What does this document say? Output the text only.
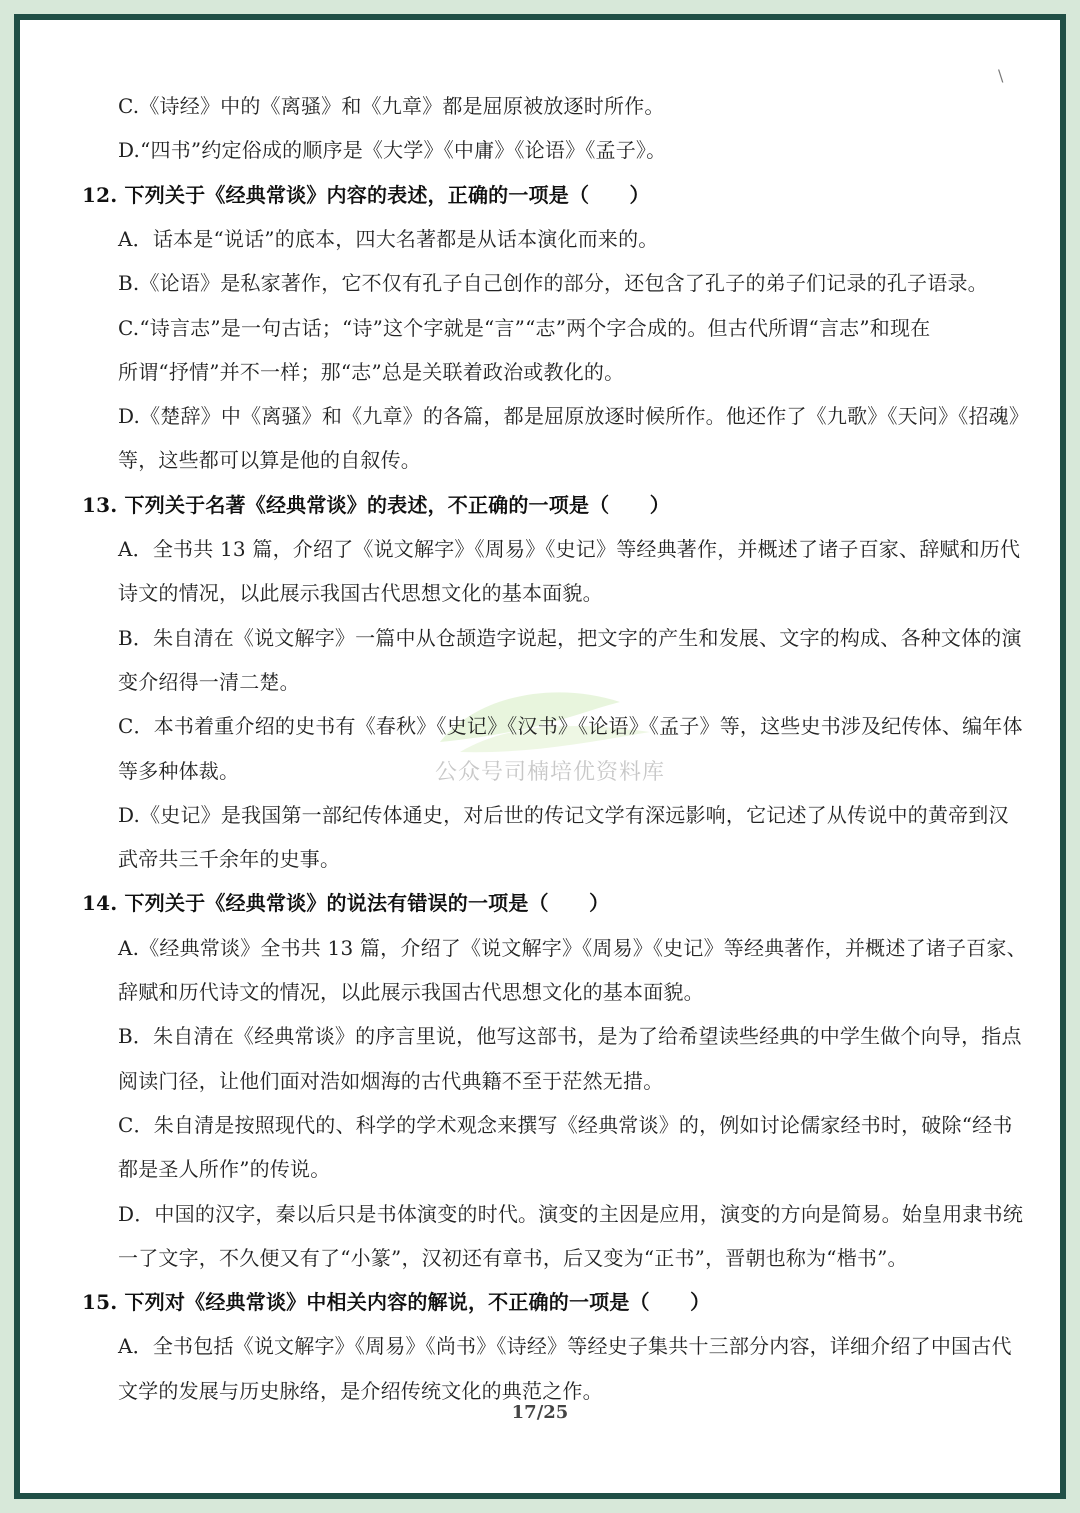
\
公众号司楠培优资料库
17/25
C.《诗经》中的《离骚》和《九章》都是屈原被放逐时所作。
D.“四书”约定俗成的顺序是《大学》《中庸》《论语》《孟子》。
12. 下列关于《经典常谈》内容的表述，正确的一项是（　　）
A．话本是“说话”的底本，四大名著都是从话本演化而来的。
B.《论语》是私家著作，它不仅有孔子自己创作的部分，还包含了孔子的弟子们记录的孔子语录。
C.“诗言志”是一句古话；“诗”这个字就是“言”“志”两个字合成的。但古代所谓“言志”和现在
所谓“抒情”并不一样；那“志”总是关联着政治或教化的。
D.《楚辞》中《离骚》和《九章》的各篇，都是屈原放逐时候所作。他还作了《九歌》《天问》《招魂》
等，这些都可以算是他的自叙传。
13. 下列关于名著《经典常谈》的表述，不正确的一项是（　　）
A．全书共 13 篇，介绍了《说文解字》《周易》《史记》等经典著作，并概述了诸子百家、辞赋和历代
诗文的情况，以此展示我国古代思想文化的基本面貌。
B．朱自清在《说文解字》一篇中从仓颉造字说起，把文字的产生和发展、文字的构成、各种文体的演
变介绍得一清二楚。
C．本书着重介绍的史书有《春秋》《史记》《汉书》《论语》《孟子》等，这些史书涉及纪传体、编年体
等多种体裁。
D.《史记》是我国第一部纪传体通史，对后世的传记文学有深远影响，它记述了从传说中的黄帝到汉
武帝共三千余年的史事。
14. 下列关于《经典常谈》的说法有错误的一项是（　　）
A.《经典常谈》全书共 13 篇，介绍了《说文解字》《周易》《史记》等经典著作，并概述了诸子百家、
辞赋和历代诗文的情况，以此展示我国古代思想文化的基本面貌。
B．朱自清在《经典常谈》的序言里说，他写这部书，是为了给希望读些经典的中学生做个向导，指点
阅读门径，让他们面对浩如烟海的古代典籍不至于茫然无措。
C．朱自清是按照现代的、科学的学术观念来撰写《经典常谈》的，例如讨论儒家经书时，破除“经书
都是圣人所作”的传说。
D．中国的汉字，秦以后只是书体演变的时代。演变的主因是应用，演变的方向是简易。始皇用隶书统
一了文字，不久便又有了“小篆”，汉初还有章书，后又变为“正书”，晋朝也称为“楷书”。
15. 下列对《经典常谈》中相关内容的解说，不正确的一项是（　　）
A．全书包括《说文解字》《周易》《尚书》《诗经》等经史子集共十三部分内容，详细介绍了中国古代
文学的发展与历史脉络，是介绍传统文化的典范之作。
